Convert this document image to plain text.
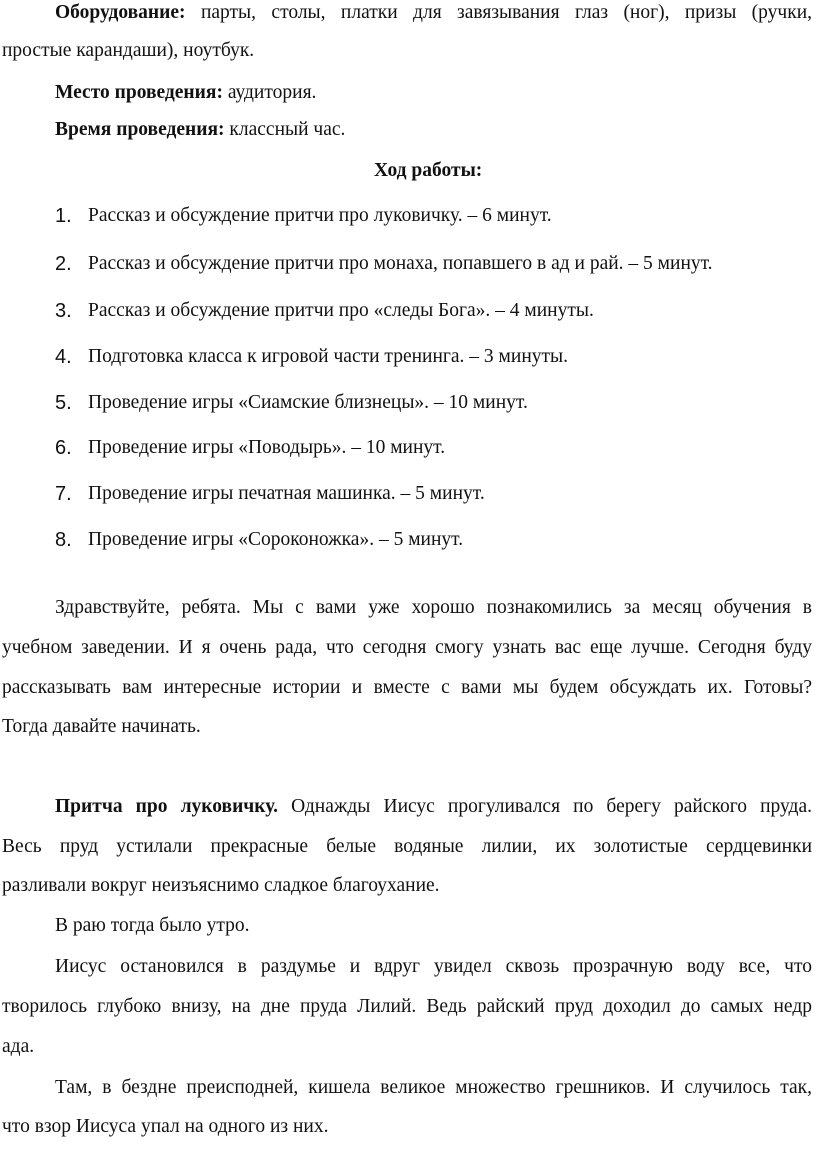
Оборудование: парты, столы, платки для завязывания глаз (ног), призы (ручки,
простые карандаши), ноутбук.
Место проведения: аудитория.
Время проведения: классный час.
Ход работы:
1. Рассказ и обсуждение притчи про луковичку. – 6 минут.
2. Рассказ и обсуждение притчи про монаха, попавшего в ад и рай. – 5 минут.
3. Рассказ и обсуждение притчи про «следы Бога». – 4 минуты.
4. Подготовка класса к игровой части тренинга. – 3 минуты.
5. Проведение игры «Сиамские близнецы». – 10 минут.
6. Проведение игры «Поводырь». – 10 минут.
7. Проведение игры печатная машинка. – 5 минут.
8. Проведение игры «Сороконожка». – 5 минут.
Здравствуйте, ребята. Мы с вами уже хорошо познакомились за месяц обучения в
учебном заведении. И я очень рада, что сегодня смогу узнать вас еще лучше. Сегодня буду
рассказывать вам интересные истории и вместе с вами мы будем обсуждать их. Готовы?
Тогда давайте начинать.
Притча про луковичку. Однажды Иисус прогуливался по берегу райского пруда.
Весь пруд устилали прекрасные белые водяные лилии, их золотистые сердцевинки
разливали вокруг неизъяснимо сладкое благоухание.
В раю тогда было утро.
Иисус остановился в раздумье и вдруг увидел сквозь прозрачную воду все, что
творилось глубоко внизу, на дне пруда Лилий. Ведь райский пруд доходил до самых недр
ада.
Там, в бездне преисподней, кишела великое множество грешников. И случилось так,
что взор Иисуса упал на одного из них.
